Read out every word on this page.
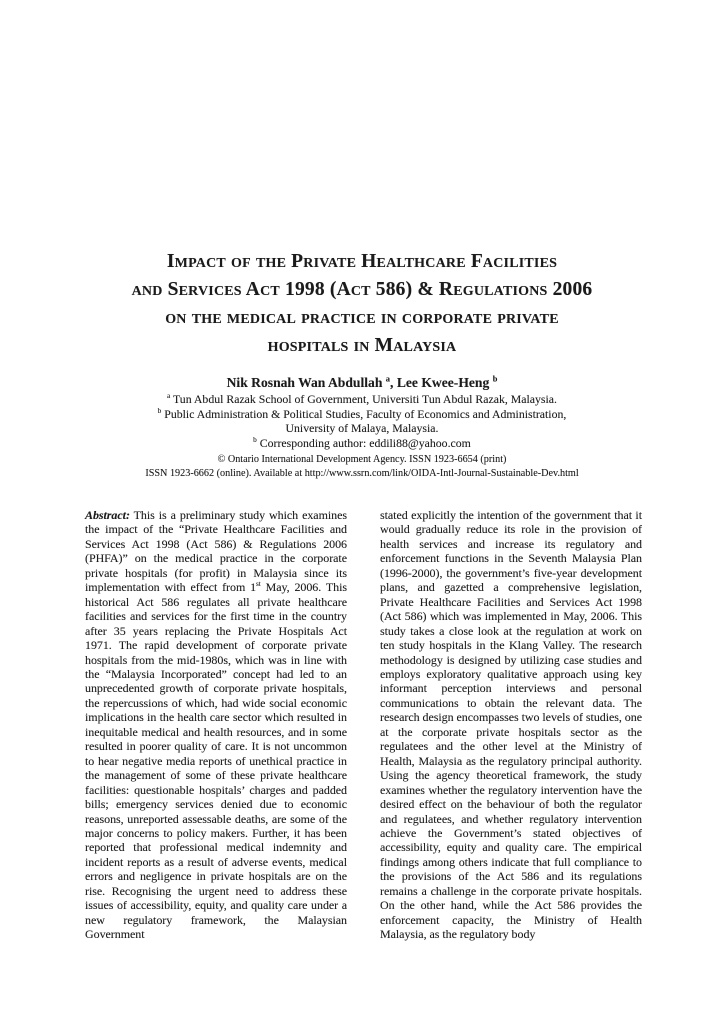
Impact of the Private Healthcare Facilities
and Services Act 1998 (Act 586) & Regulations 2006
on the medical practice in corporate private
hospitals in Malaysia
Nik Rosnah Wan Abdullah $^a$, Lee Kwee-Heng $^b$
$^a$ Tun Abdul Razak School of Government, Universiti Tun Abdul Razak, Malaysia.
$^b$ Public Administration & Political Studies, Faculty of Economics and Administration,
University of Malaya, Malaysia.
$^b$ Corresponding author: eddili88@yahoo.com
© Ontario International Development Agency. ISSN 1923-6654 (print)
ISSN 1923-6662 (online). Available at http://www.ssrn.com/link/OIDA-Intl-Journal-Sustainable-Dev.html

Abstract: This is a preliminary study which examines the impact of the “Private Healthcare Facilities and Services Act 1998 (Act 586) & Regulations 2006 (PHFA)” on the medical practice in the corporate private hospitals (for profit) in Malaysia since its implementation with effect from 1st May, 2006. This historical Act 586 regulates all private healthcare facilities and services for the first time in the country after 35 years replacing the Private Hospitals Act 1971. The rapid development of corporate private hospitals from the mid-1980s, which was in line with the “Malaysia Incorporated” concept had led to an unprecedented growth of corporate private hospitals, the repercussions of which, had wide social economic implications in the health care sector which resulted in inequitable medical and health resources, and in some resulted in poorer quality of care. It is not uncommon to hear negative media reports of unethical practice in the management of some of these private healthcare facilities: questionable hospitals’ charges and padded bills; emergency services denied due to economic reasons, unreported assessable deaths, are some of the major concerns to policy makers. Further, it has been reported that professional medical indemnity and incident reports as a result of adverse events, medical errors and negligence in private hospitals are on the rise. Recognising the urgent need to address these issues of accessibility, equity, and quality care under a new regulatory framework, the Malaysian Government

stated explicitly the intention of the government that it would gradually reduce its role in the provision of health services and increase its regulatory and enforcement functions in the Seventh Malaysia Plan (1996-2000), the government’s five-year development plans, and gazetted a comprehensive legislation, Private Healthcare Facilities and Services Act 1998 (Act 586) which was implemented in May, 2006. This study takes a close look at the regulation at work on ten study hospitals in the Klang Valley. The research methodology is designed by utilizing case studies and employs exploratory qualitative approach using key informant perception interviews and personal communications to obtain the relevant data. The research design encompasses two levels of studies, one at the corporate private hospitals sector as the regulatees and the other level at the Ministry of Health, Malaysia as the regulatory principal authority. Using the agency theoretical framework, the study examines whether the regulatory intervention have the desired effect on the behaviour of both the regulator and regulatees, and whether regulatory intervention achieve the Government’s stated objectives of accessibility, equity and quality care. The empirical findings among others indicate that full compliance to the provisions of the Act 586 and its regulations remains a challenge in the corporate private hospitals. On the other hand, while the Act 586 provides the enforcement capacity, the Ministry of Health Malaysia, as the regulatory body
